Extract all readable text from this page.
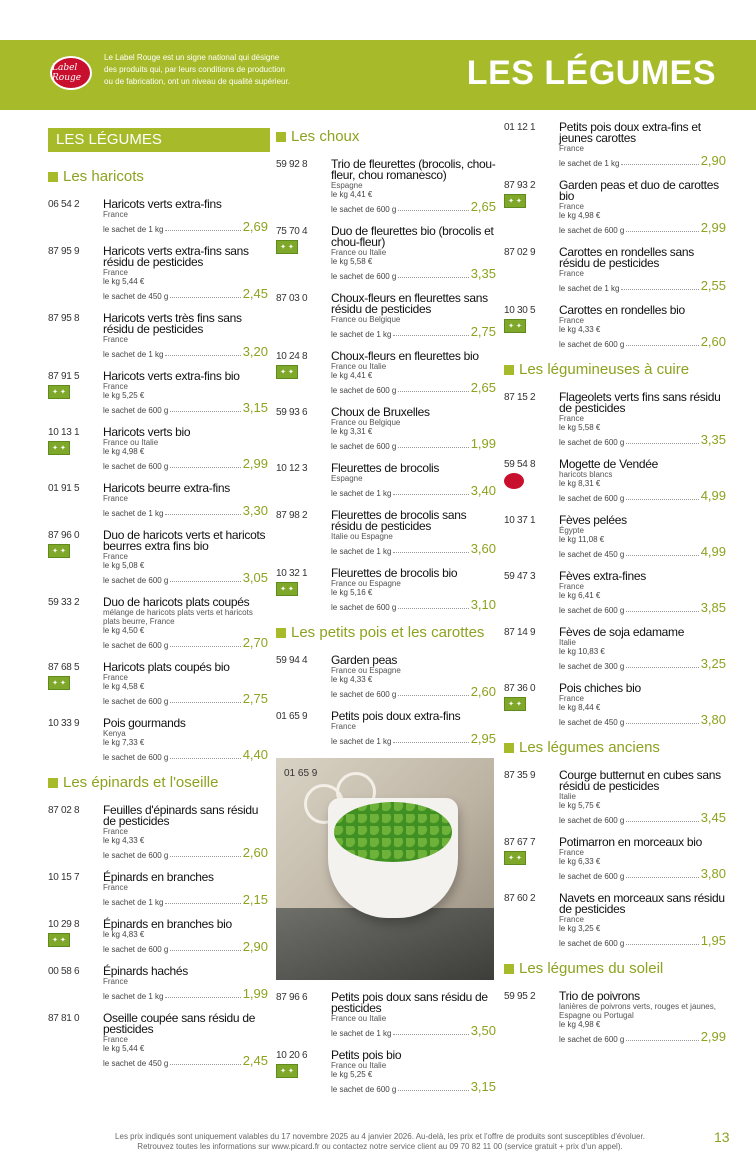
Label Rouge
Le Label Rouge est un signe national qui désigne des produits qui, par leurs conditions de production ou de fabrication, ont un niveau de qualité supérieur.	LES LÉGUMES
LES LÉGUMES
Les haricots
06 54 2	Haricots verts extra-fins
France
le sachet de 1 kg	2,69
87 95 9	Haricots verts extra-fins sans résidu de pesticides
France
le kg 5,44 €
le sachet de 450 g	2,45
87 95 8	Haricots verts très fins sans résidu de pesticides
France
le sachet de 1 kg	3,20
87 91 5
✦ ✦
Haricots verts extra-fins bio
France
le kg 5,25 €
le sachet de 600 g	3,15
10 13 1
✦ ✦
Haricots verts bio
France ou Italie
le kg 4,98 €
le sachet de 600 g	2,99
01 91 5	Haricots beurre extra-fins
France
le sachet de 1 kg	3,30
87 96 0
✦ ✦
Duo de haricots verts et haricots beurres extra fins bio
France
le kg 5,08 €
le sachet de 600 g	3,05
59 33 2	Duo de haricots plats coupés
mélange de haricots plats verts et haricots plats beurre, France
le kg 4,50 €
le sachet de 600 g	2,70
87 68 5
✦ ✦
Haricots plats coupés bio
France
le kg 4,58 €
le sachet de 600 g	2,75
10 33 9	Pois gourmands
Kenya
le kg 7,33 €
le sachet de 600 g	4,40
Les épinards et l'oseille
87 02 8	Feuilles d'épinards sans résidu de pesticides
France
le kg 4,33 €
le sachet de 600 g	2,60
10 15 7	Épinards en branches
France
le sachet de 1 kg	2,15
10 29 8
✦ ✦
Épinards en branches bio
le kg 4,83 €
le sachet de 600 g	2,90
00 58 6	Épinards hachés
France
le sachet de 1 kg	1,99
87 81 0	Oseille coupée sans résidu de pesticides
France
le kg 5,44 €
le sachet de 450 g	2,45
Les choux
59 92 8	Trio de fleurettes (brocolis, chou-fleur, chou romanesco)
Espagne
le kg 4,41 €
le sachet de 600 g	2,65
75 70 4
✦ ✦
Duo de fleurettes bio (brocolis et chou-fleur)
France ou Italie
le kg 5,58 €
le sachet de 600 g	3,35
87 03 0	Choux-fleurs en fleurettes sans résidu de pesticides
France ou Belgique
le sachet de 1 kg	2,75
10 24 8
✦ ✦
Choux-fleurs en fleurettes bio
France ou Italie
le kg 4,41 €
le sachet de 600 g	2,65
59 93 6	Choux de Bruxelles
France ou Belgique
le kg 3,31 €
le sachet de 600 g	1,99
10 12 3	Fleurettes de brocolis
Espagne
le sachet de 1 kg	3,40
87 98 2	Fleurettes de brocolis sans résidu de pesticides
Italie ou Espagne
le sachet de 1 kg	3,60
10 32 1
✦ ✦
Fleurettes de brocolis bio
France ou Espagne
le kg 5,16 €
le sachet de 600 g	3,10
Les petits pois et les carottes
59 94 4	Garden peas
France ou Espagne
le kg 4,33 €
le sachet de 600 g	2,60
01 65 9	Petits pois doux extra-fins
France
le sachet de 1 kg	2,95
01 65 9
87 96 6	Petits pois doux sans résidu de pesticides
France ou Italie
le sachet de 1 kg	3,50
10 20 6
✦ ✦
Petits pois bio
France ou Italie
le kg 5,25 €
le sachet de 600 g	3,15
01 12 1	Petits pois doux extra-fins et jeunes carottes
France
le sachet de 1 kg	2,90
87 93 2
✦ ✦
Garden peas et duo de carottes bio
France
le kg 4,98 €
le sachet de 600 g	2,99
87 02 9	Carottes en rondelles sans résidu de pesticides
France
le sachet de 1 kg	2,55
10 30 5
✦ ✦
Carottes en rondelles bio
France
le kg 4,33 €
le sachet de 600 g	2,60
Les légumineuses à cuire
87 15 2	Flageolets verts fins sans résidu de pesticides
France
le kg 5,58 €
le sachet de 600 g	3,35
59 54 8	Mogette de Vendée
haricots blancs
le kg 8,31 €
le sachet de 600 g	4,99
10 37 1	Fèves pelées
Égypte
le kg 11,08 €
le sachet de 450 g	4,99
59 47 3	Fèves extra-fines
France
le kg 6,41 €
le sachet de 600 g	3,85
87 14 9	Fèves de soja edamame
Italie
le kg 10,83 €
le sachet de 300 g	3,25
87 36 0
✦ ✦
Pois chiches bio
France
le kg 8,44 €
le sachet de 450 g	3,80
Les légumes anciens
87 35 9	Courge butternut en cubes sans résidu de pesticides
Italie
le kg 5,75 €
le sachet de 600 g	3,45
87 67 7
✦ ✦
Potimarron en morceaux bio
France
le kg 6,33 €
le sachet de 600 g	3,80
87 60 2	Navets en morceaux sans résidu de pesticides
France
le kg 3,25 €
le sachet de 600 g	1,95
Les légumes du soleil
59 95 2	Trio de poivrons
lanières de poivrons verts, rouges et jaunes, Espagne ou Portugal
le kg 4,98 €
le sachet de 600 g	2,99
Les prix indiqués sont uniquement valables du 17 novembre 2025 au 4 janvier 2026. Au-delà, les prix et l'offre de produits sont susceptibles d'évoluer.
Retrouvez toutes les informations sur www.picard.fr ou contactez notre service client au 09 70 82 11 00 (service gratuit + prix d'un appel).
13
